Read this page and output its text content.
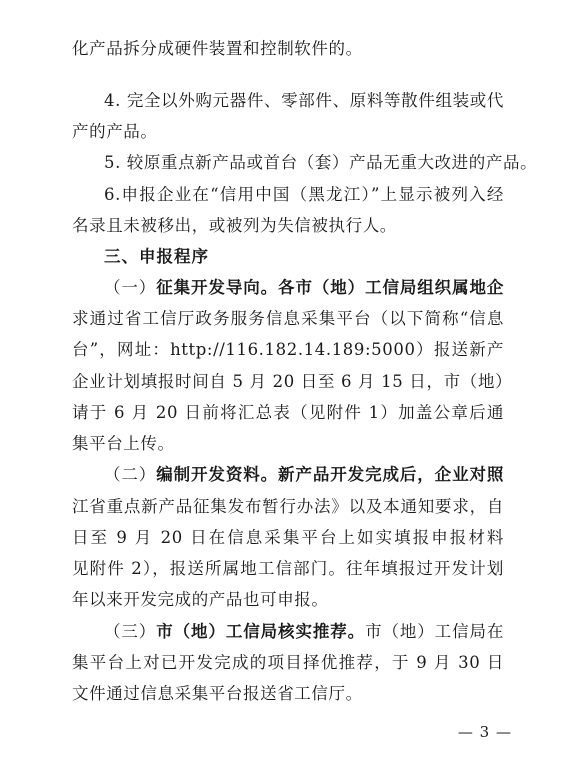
化产品拆分成硬件装置和控制软件的。
4. 完全以外购元器件、零部件、原料等散件组装或代
产的产品。
5. 较原重点新产品或首台（套）产品无重大改进的产品。
6.申报企业在“信用中国（黑龙江）”上显示被列入经
名录且未被移出，或被列为失信被执行人。
三、申报程序
（一）征集开发导向。各市（地）工信局组织属地企
求通过省工信厅政务服务信息采集平台（以下简称“信息
台”，网址：http://116.182.14.189:5000）报送新产
企业计划填报时间自 5 月 20 日至 6 月 15 日，市（地）
请于 6 月 20 日前将汇总表（见附件 1）加盖公章后通
集平台上传。
（二）编制开发资料。新产品开发完成后，企业对照
江省重点新产品征集发布暂行办法》以及本通知要求，自
日至 9 月 20 日在信息采集平台上如实填报申报材料
见附件 2），报送所属地工信部门。往年填报过开发计划
年以来开发完成的产品也可申报。
（三）市（地）工信局核实推荐。市（地）工信局在
集平台上对已开发完成的项目择优推荐，于 9 月 30 日
文件通过信息采集平台报送省工信厅。
— 3 —
